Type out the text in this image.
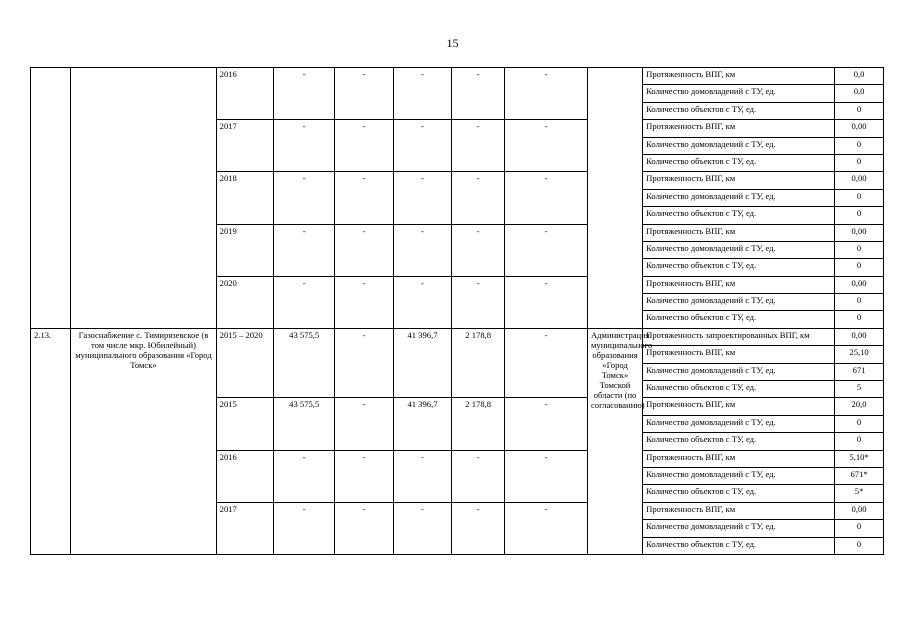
15
		2016	-	-	-	-	-		Протяженность ВПГ, км	0,0
									Количество домовладений с ТУ, ед.	0,0
									Количество объектов с ТУ, ед.	0
		2017	-	-	-	-	-		Протяженность ВПГ, км	0,00
									Количество домовладений с ТУ, ед.	0
									Количество объектов с ТУ, ед.	0
		2018	-	-	-	-	-		Протяженность ВПГ, км	0,00
									Количество домовладений с ТУ, ед.	0
									Количество объектов с ТУ, ед.	0
		2019	-	-	-	-	-		Протяженность ВПГ, км	0,00
									Количество домовладений с ТУ, ед.	0
									Количество объектов с ТУ, ед.	0
		2020	-	-	-	-	-		Протяженность ВПГ, км	0,00
									Количество домовладений с ТУ, ед.	0
									Количество объектов с ТУ, ед.	0
2.13.	Газоснабжение с. Тимирязевское (в том числе мкр. Юбилейный) муниципального образования «Город Томск»	2015 – 2020	43 575,5	-	41 396,7	2 178,8	-	Администрация муниципального образования «Город Томск» Томской области (по согласованию)	Протяженность запроектированных ВПГ, км	0,00
									Протяженность ВПГ, км	25,10
									Количество домовладений с ТУ, ед.	671
									Количество объектов с ТУ, ед.	5
		2015	43 575,5	-	41 396,7	2 178,8	-		Протяженность ВПГ, км	20,0
									Количество домовладений с ТУ, ед.	0
									Количество объектов с ТУ, ед.	0
		2016	-	-	-	-	-		Протяженность ВПГ, км	5,10*
									Количество домовладений с ТУ, ед.	671*
									Количество объектов с ТУ, ед.	5*
		2017	-	-	-	-	-		Протяженность ВПГ, км	0,00
									Количество домовладений с ТУ, ед.	0
									Количество объектов с ТУ, ед.	0
